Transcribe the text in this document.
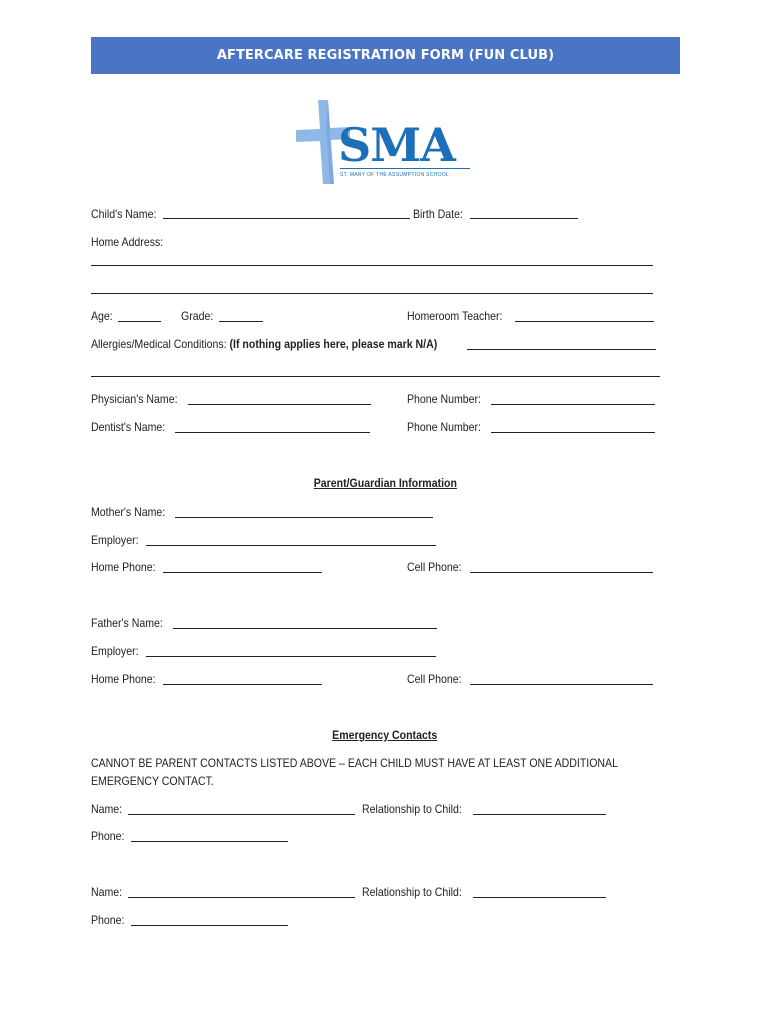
AFTERCARE REGISTRATION FORM (FUN CLUB)
SMA
ST. MARY OF THE ASSUMPTION SCHOOL
Child's Name:	Birth Date:
Home Address:
Age:	Grade:	Homeroom Teacher:
Allergies/Medical Conditions: (If nothing applies here, please mark N/A)
Physician's Name:	Phone Number:
Dentist's Name:	Phone Number:
Parent/Guardian Information
Mother's Name:
Employer:
Home Phone:	Cell Phone:
Father's Name:
Employer:
Home Phone:	Cell Phone:
Emergency Contacts
CANNOT BE PARENT CONTACTS LISTED ABOVE – EACH CHILD MUST HAVE AT LEAST ONE ADDITIONAL
EMERGENCY CONTACT.
Name:	Relationship to Child:
Phone:
Name:	Relationship to Child:
Phone:
